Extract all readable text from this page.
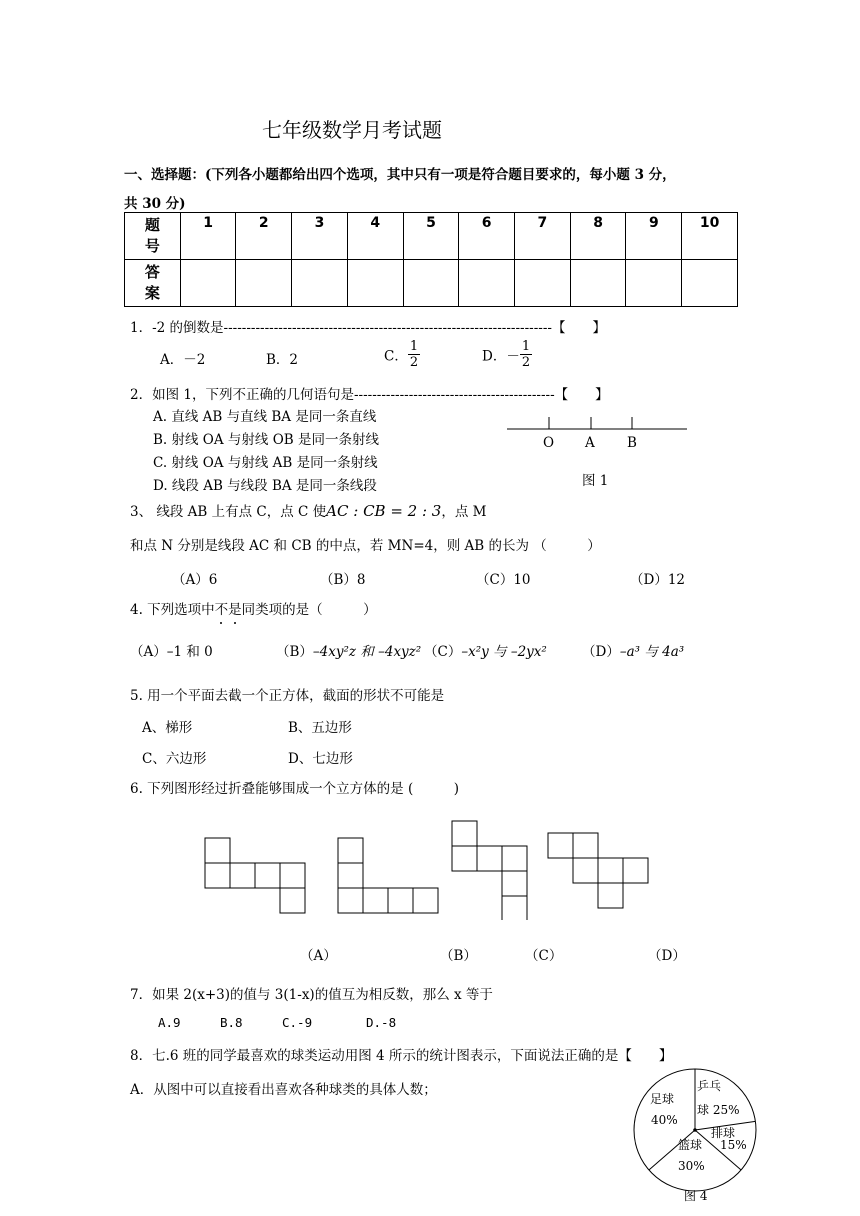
七年级数学月考试题
一、选择题：(下列各小题都给出四个选项，其中只有一项是符合题目要求的，每小题 3 分，
共 30 分)
题
号	1	2	3	4	5	6	7	8	9	10
答
案										
1．-2 的倒数是------------------------------------------------------------------------【　　】
A．－2	B．2	C． $\frac{1}{2}$	D．－ $\frac{1}{2}$
2．如图 1，下列不正确的几何语句是--------------------------------------------【　　】
A. 直线 AB 与直线 BA 是同一条直线
B. 射线 OA 与射线 OB 是同一条射线
C. 射线 OA 与射线 AB 是同一条射线
D. 线段 AB 与线段 BA 是同一条线段
O A B
图 1
3、 线段 AB 上有点 C，点 C 使AC : CB = 2 : 3，点 M
和点 N 分别是线段 AC 和 CB 的中点，若 MN=4，则 AB 的长为 （　　　）
（A）6	（B）8	（C）10	（D）12
4. 下列选项中不是同类项的是（　　　）
（A）–1 和 0	（B）–4xy²z 和 –4xyz² （C）–x²y 与 –2yx²	（D）–a³ 与 4a³
5. 用一个平面去截一个正方体，截面的形状不可能是
A、梯形	B、五边形
C、六边形	D、七边形
6. 下列图形经过折叠能够围成一个立方体的是 (　　　)
（A）	（B）	（C）	（D）
7．如果 2(x+3)的值与 3(1-x)的值互为相反数，那么 x 等于
A.9	B.8	C.-9	D.-8
8．七.6 班的同学最喜欢的球类运动用图 4 所示的统计图表示，下面说法正确的是【　　】
A．从图中可以直接看出喜欢各种球类的具体人数；
足球
40%
乒乓
球 25%
排球
15%
篮球
30%
图 4
